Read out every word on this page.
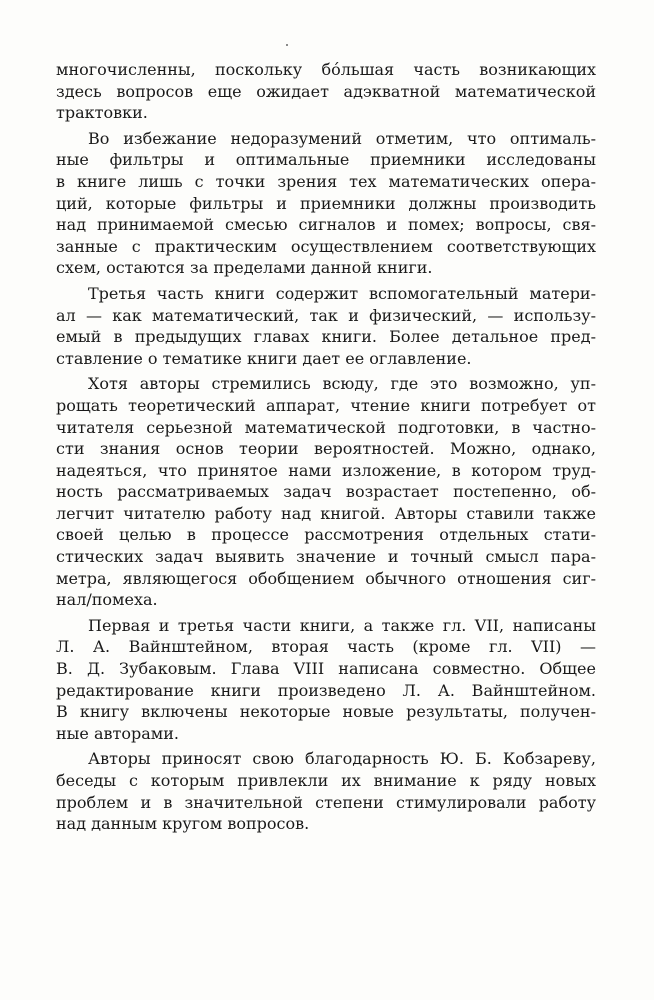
многочисленны, поскольку бо́льшая часть возникающих
здесь вопросов еще ожидает адэкватной математической
трактовки.
Во избежание недоразумений отметим, что оптималь-
ные фильтры и оптимальные приемники исследованы
в книге лишь с точки зрения тех математических опера-
ций, которые фильтры и приемники должны производить
над принимаемой смесью сигналов и помех; вопросы, свя-
занные с практическим осуществлением соответствующих
схем, остаются за пределами данной книги.
Третья часть книги содержит вспомогательный матери-
ал — как математический, так и физический, — использу-
емый в предыдущих главах книги. Более детальное пред-
ставление о тематике книги дает ее оглавление.
Хотя авторы стремились всюду, где это возможно, уп-
рощать теоретический аппарат, чтение книги потребует от
читателя серьезной математической подготовки, в частно-
сти знания основ теории вероятностей. Можно, однако,
надеяться, что принятое нами изложение, в котором труд-
ность рассматриваемых задач возрастает постепенно, об-
легчит читателю работу над книгой. Авторы ставили также
своей целью в процессе рассмотрения отдельных стати-
стических задач выявить значение и точный смысл пара-
метра, являющегося обобщением обычного отношения сиг-
нал/помеха.
Первая и третья части книги, а также гл. VII, написаны
Л. А. Вайнштейном, вторая часть (кроме гл. VII) —
В. Д. Зубаковым. Глава VIII написана совместно. Общее
редактирование книги произведено Л. А. Вайнштейном.
В книгу включены некоторые новые результаты, получен-
ные авторами.
Авторы приносят свою благодарность Ю. Б. Кобзареву,
беседы с которым привлекли их внимание к ряду новых
проблем и в значительной степени стимулировали работу
над данным кругом вопросов.
